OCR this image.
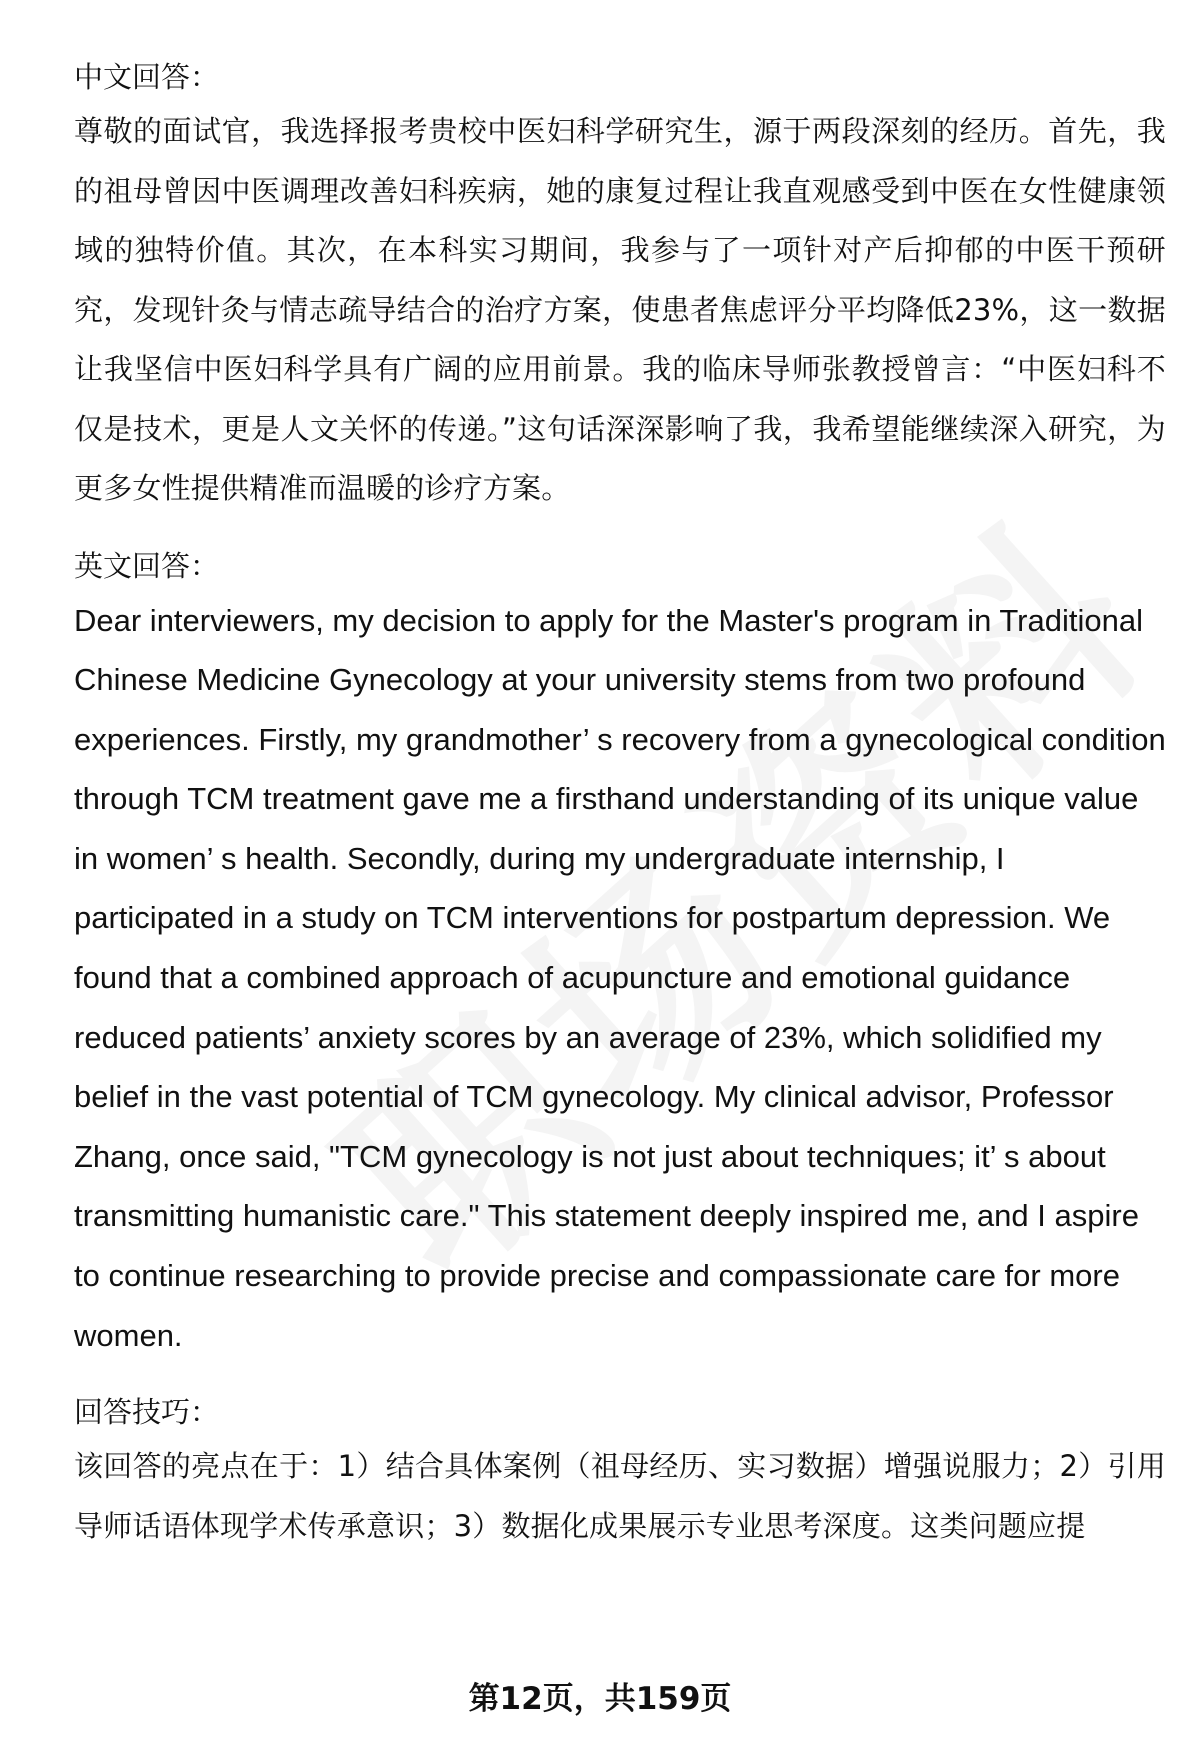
中文回答：

尊敬的面试官，我选择报考贵校中医妇科学研究生，源于两段深刻的经历。首先，我的祖母曾因中医调理改善妇科疾病，她的康复过程让我直观感受到中医在女性健康领域的独特价值。其次，在本科实习期间，我参与了一项针对产后抑郁的中医干预研究，发现针灸与情志疏导结合的治疗方案，使患者焦虑评分平均降低23%，这一数据让我坚信中医妇科学具有广阔的应用前景。我的临床导师张教授曾言：“中医妇科不仅是技术，更是人文关怀的传递。”这句话深深影响了我，我希望能继续深入研究，为更多女性提供精准而温暖的诊疗方案。

英文回答：

Dear interviewers, my decision to apply for the Master's program in Traditional Chinese Medicine Gynecology at your university stems from two profound experiences. Firstly, my grandmother’ s recovery from a gynecological condition through TCM treatment gave me a firsthand understanding of its unique value in women’ s health. Secondly, during my undergraduate internship, I participated in a study on TCM interventions for postpartum depression. We found that a combined approach of acupuncture and emotional guidance reduced patients’ anxiety scores by an average of 23%, which solidified my belief in the vast potential of TCM gynecology. My clinical advisor, Professor Zhang, once said, "TCM gynecology is not just about techniques; it’ s about transmitting humanistic care." This statement deeply inspired me, and I aspire to continue researching to provide precise and compassionate care for more women.

回答技巧：

该回答的亮点在于：1）结合具体案例（祖母经历、实习数据）增强说服力；2）引用导师话语体现学术传承意识；3）数据化成果展示专业思考深度。这类问题应提

第12页，共159页
